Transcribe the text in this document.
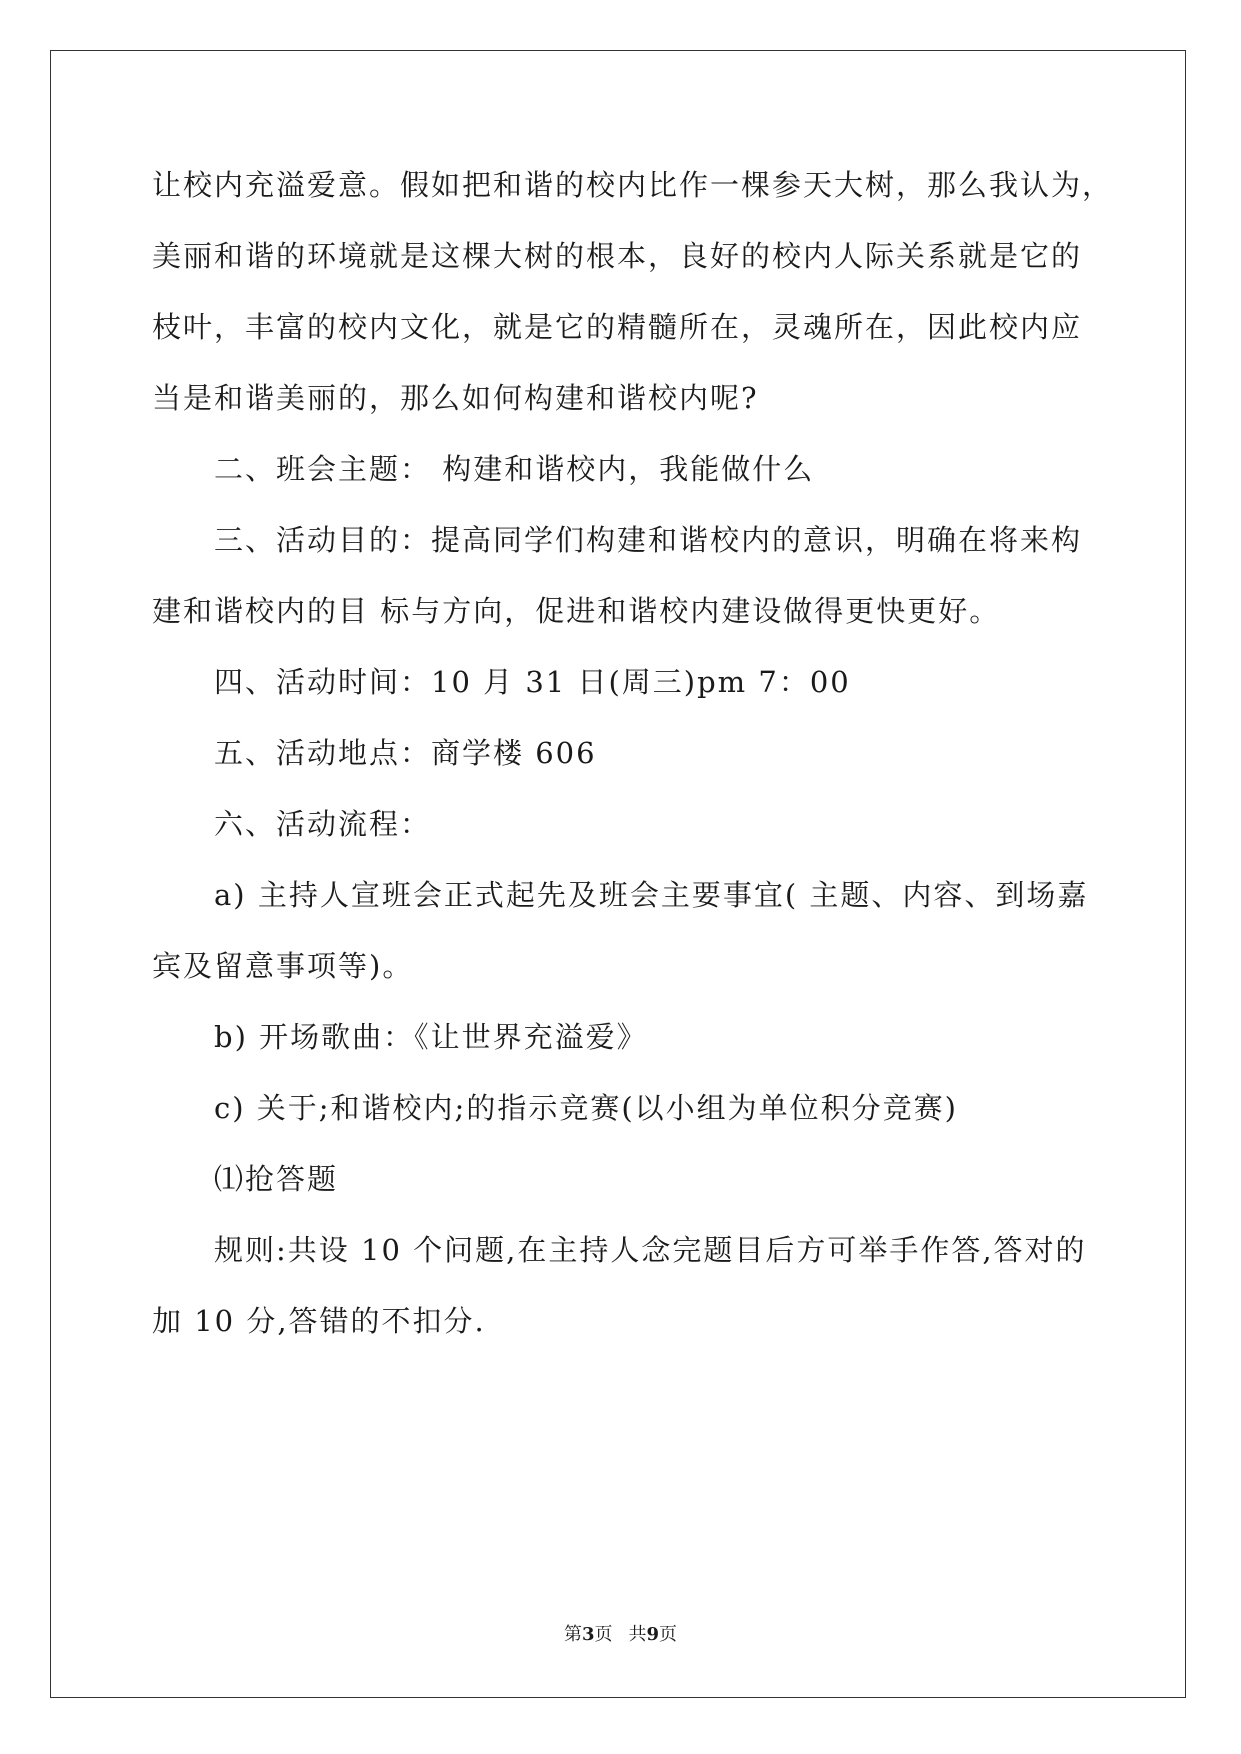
让校内充溢爱意。假如把和谐的校内比作一棵参天大树，那么我认为，
美丽和谐的环境就是这棵大树的根本，良好的校内人际关系就是它的
枝叶，丰富的校内文化，就是它的精髓所在，灵魂所在，因此校内应
当是和谐美丽的，那么如何构建和谐校内呢?
二、班会主题： 构建和谐校内，我能做什么
三、活动目的：提高同学们构建和谐校内的意识，明确在将来构
建和谐校内的目 标与方向，促进和谐校内建设做得更快更好。
四、活动时间：10 月 31 日(周三)pm 7：00
五、活动地点：商学楼 606
六、活动流程：
a) 主持人宣班会正式起先及班会主要事宜( 主题、内容、到场嘉
宾及留意事项等)。
b) 开场歌曲：《让世界充溢爱》
c) 关于;和谐校内;的指示竞赛(以小组为单位积分竞赛)
⑴抢答题
规则:共设 10 个问题,在主持人念完题目后方可举手作答,答对的
加 10 分,答错的不扣分.
第3页 共9页
